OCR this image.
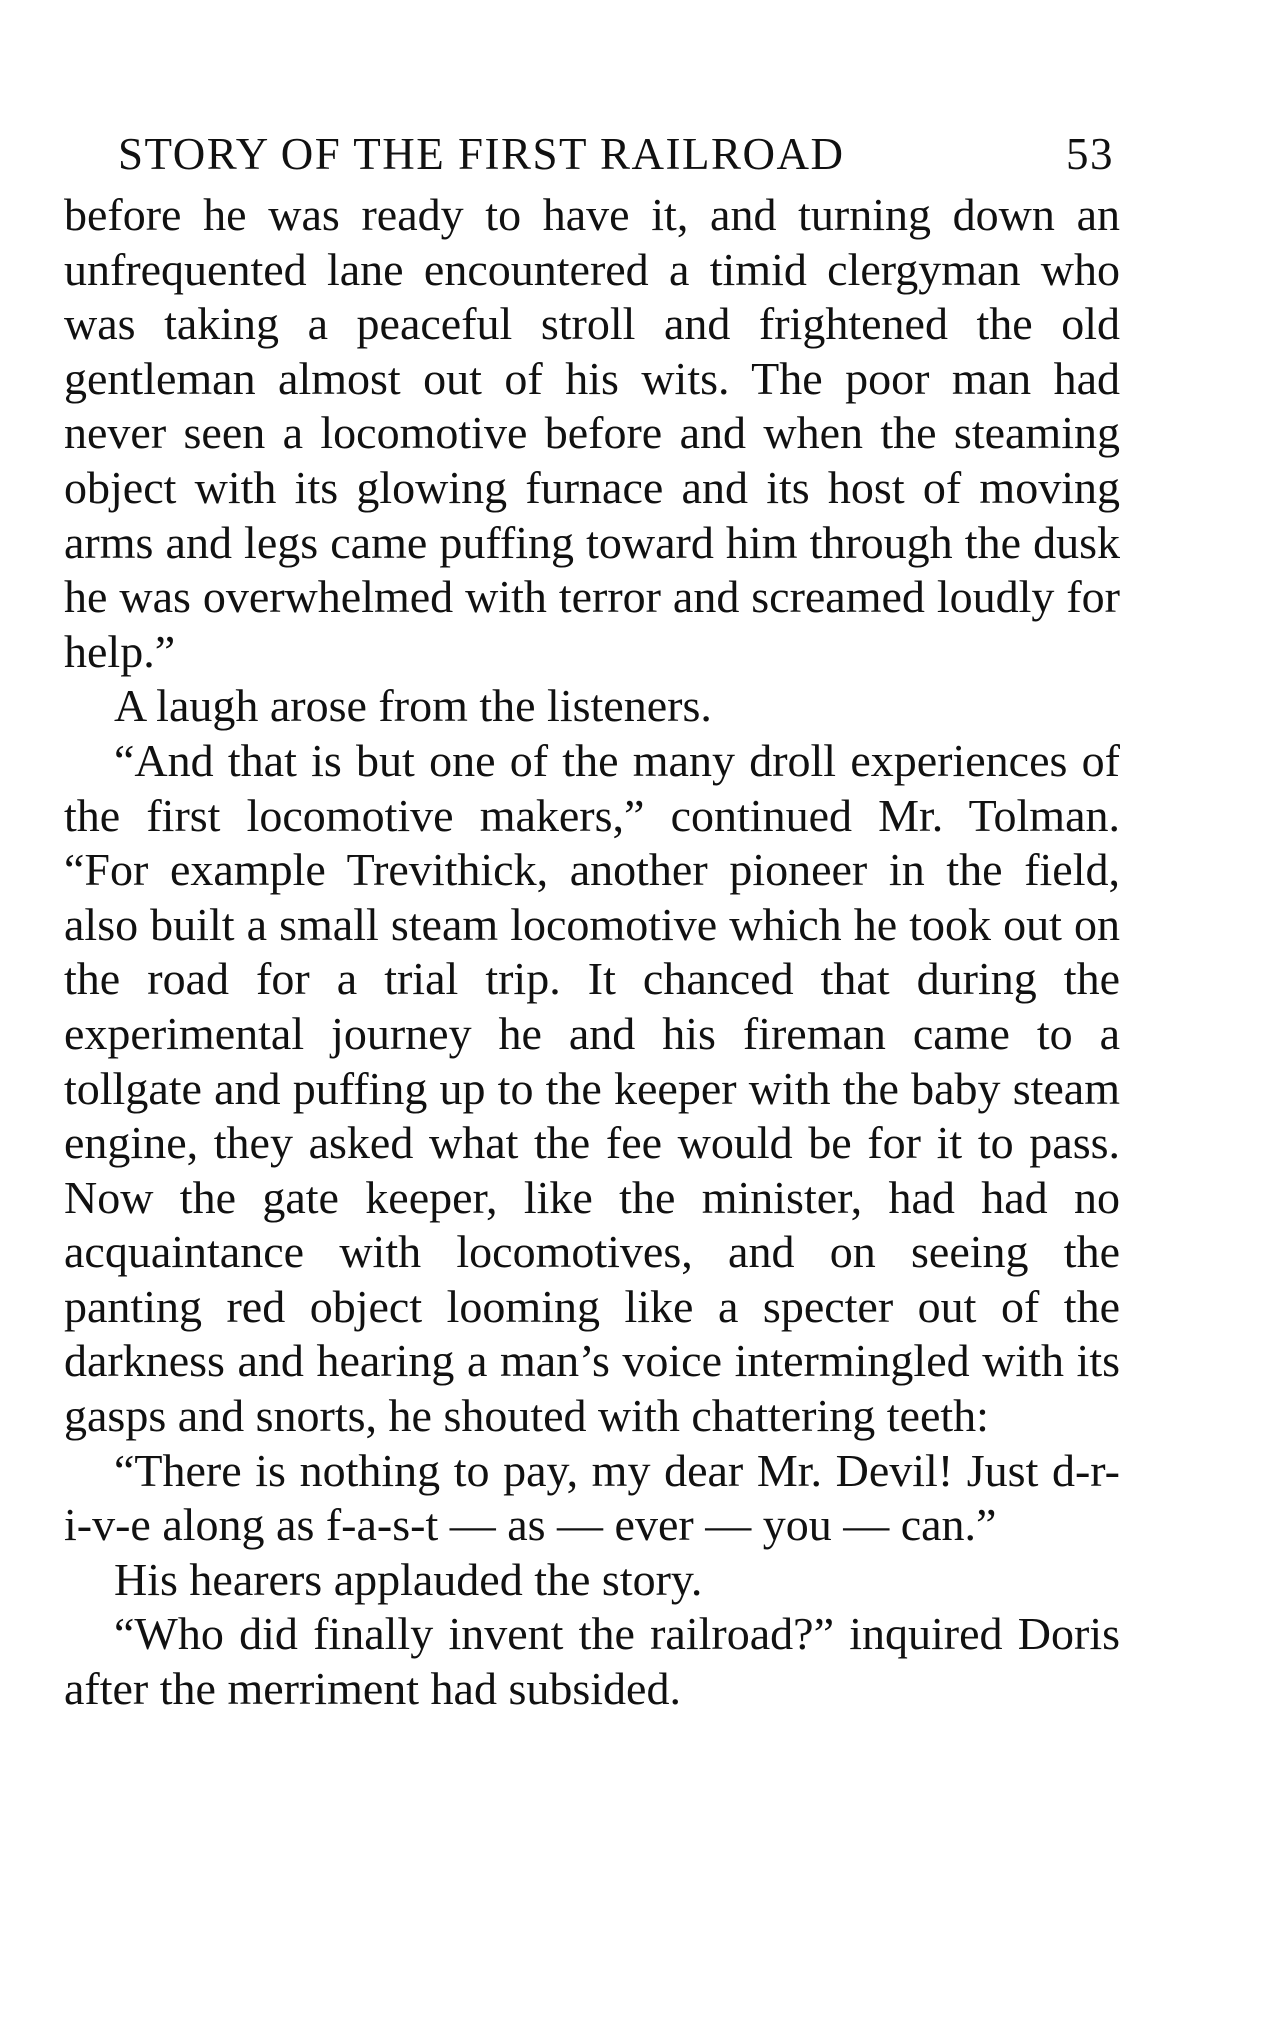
STORY OF THE FIRST RAILROAD	53

before he was ready to have it, and turning down an unfrequented lane encountered a timid clergyman who was taking a peaceful stroll and frightened the old gentleman almost out of his wits. The poor man had never seen a locomotive before and when the steaming object with its glowing furnace and its host of moving arms and legs came puffing toward him through the dusk he was overwhelmed with terror and screamed loudly for help.”

A laugh arose from the listeners.

“And that is but one of the many droll experiences of the first locomotive makers,” continued Mr. Tolman. “For example Trevithick, another pioneer in the field, also built a small steam locomotive which he took out on the road for a trial trip. It chanced that during the experimental journey he and his fireman came to a tollgate and puffing up to the keeper with the baby steam engine, they asked what the fee would be for it to pass. Now the gate keeper, like the minister, had had no acquaintance with locomotives, and on seeing the panting red object looming like a specter out of the darkness and hearing a man’s voice intermingled with its gasps and snorts, he shouted with chattering teeth:

“There is nothing to pay, my dear Mr. Devil! Just d-r-i-v-e along as f-a-s-t — as — ever — you — can.”

His hearers applauded the story.

“Who did finally invent the railroad?” inquired Doris after the merriment had subsided.
